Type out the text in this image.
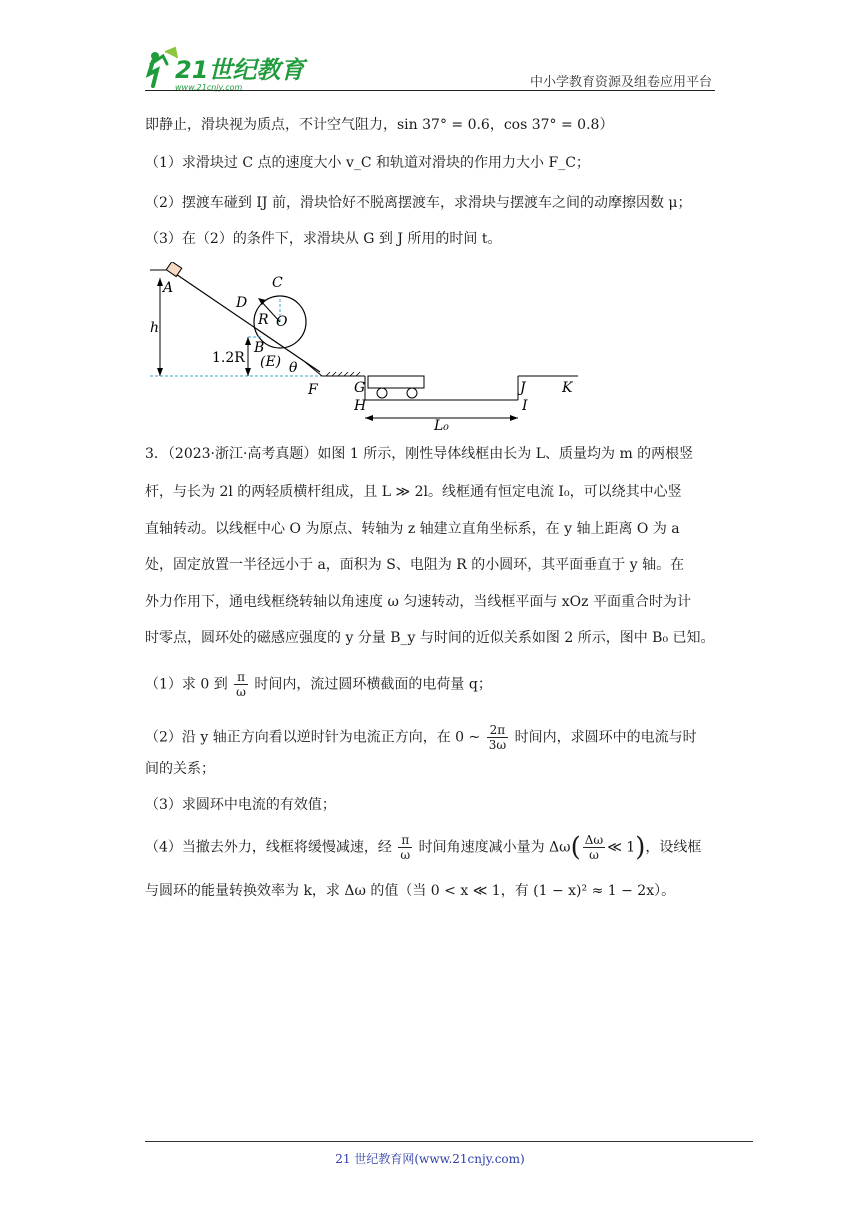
21世纪教育
www.21cnjy.com	中小学教育资源及组卷应用平台
即静止，滑块视为质点，不计空气阻力，sin 37° = 0.6，cos 37° = 0.8）
（1）求滑块过 C 点的速度大小 v_C 和轨道对滑块的作用力大小 F_C；
（2）摆渡车碰到 IJ 前，滑块恰好不脱离摆渡车，求滑块与摆渡车之间的动摩擦因数 μ；
（3）在（2）的条件下，求滑块从 G 到 J 所用的时间 t。
A
h
C
D
R O
B
1.2R (E) θ
F	G
H
J
I
K
L₀
3．（2023·浙江·高考真题）如图 1 所示，刚性导体线框由长为 L、质量均为 m 的两根竖
杆，与长为 2l 的两轻质横杆组成，且 L ≫ 2l。线框通有恒定电流 I₀，可以绕其中心竖
直轴转动。以线框中心 O 为原点、转轴为 z 轴建立直角坐标系，在 y 轴上距离 O 为 a
处，固定放置一半径远小于 a，面积为 S、电阻为 R 的小圆环，其平面垂直于 y 轴。在
外力作用下，通电线框绕转轴以角速度 ω 匀速转动，当线框平面与 xOz 平面重合时为计
时零点，圆环处的磁感应强度的 y 分量 B_y 与时间的近似关系如图 2 所示，图中 B₀ 已知。
（1）求 0 到 $\frac{\pi}{\omega}$ 时间内，流过圆环横截面的电荷量 q；
（2）沿 y 轴正方向看以逆时针为电流正方向，在 0 ~ $\frac{2\pi}{3\omega}$ 时间内，求圆环中的电流与时
间的关系；
（3）求圆环中电流的有效值；
（4）当撤去外力，线框将缓慢减速，经 $\frac{\pi}{\omega}$ 时间角速度减小量为 $\Delta\omega( \frac{\Delta\omega}{\omega}$ ≪ 1)，设线框
与圆环的能量转换效率为 k，求 Δω 的值（当 0 < x ≪ 1，有 (1 − x)² ≈ 1 − 2x）。
21 世纪教育网(www.21cnjy.com)
